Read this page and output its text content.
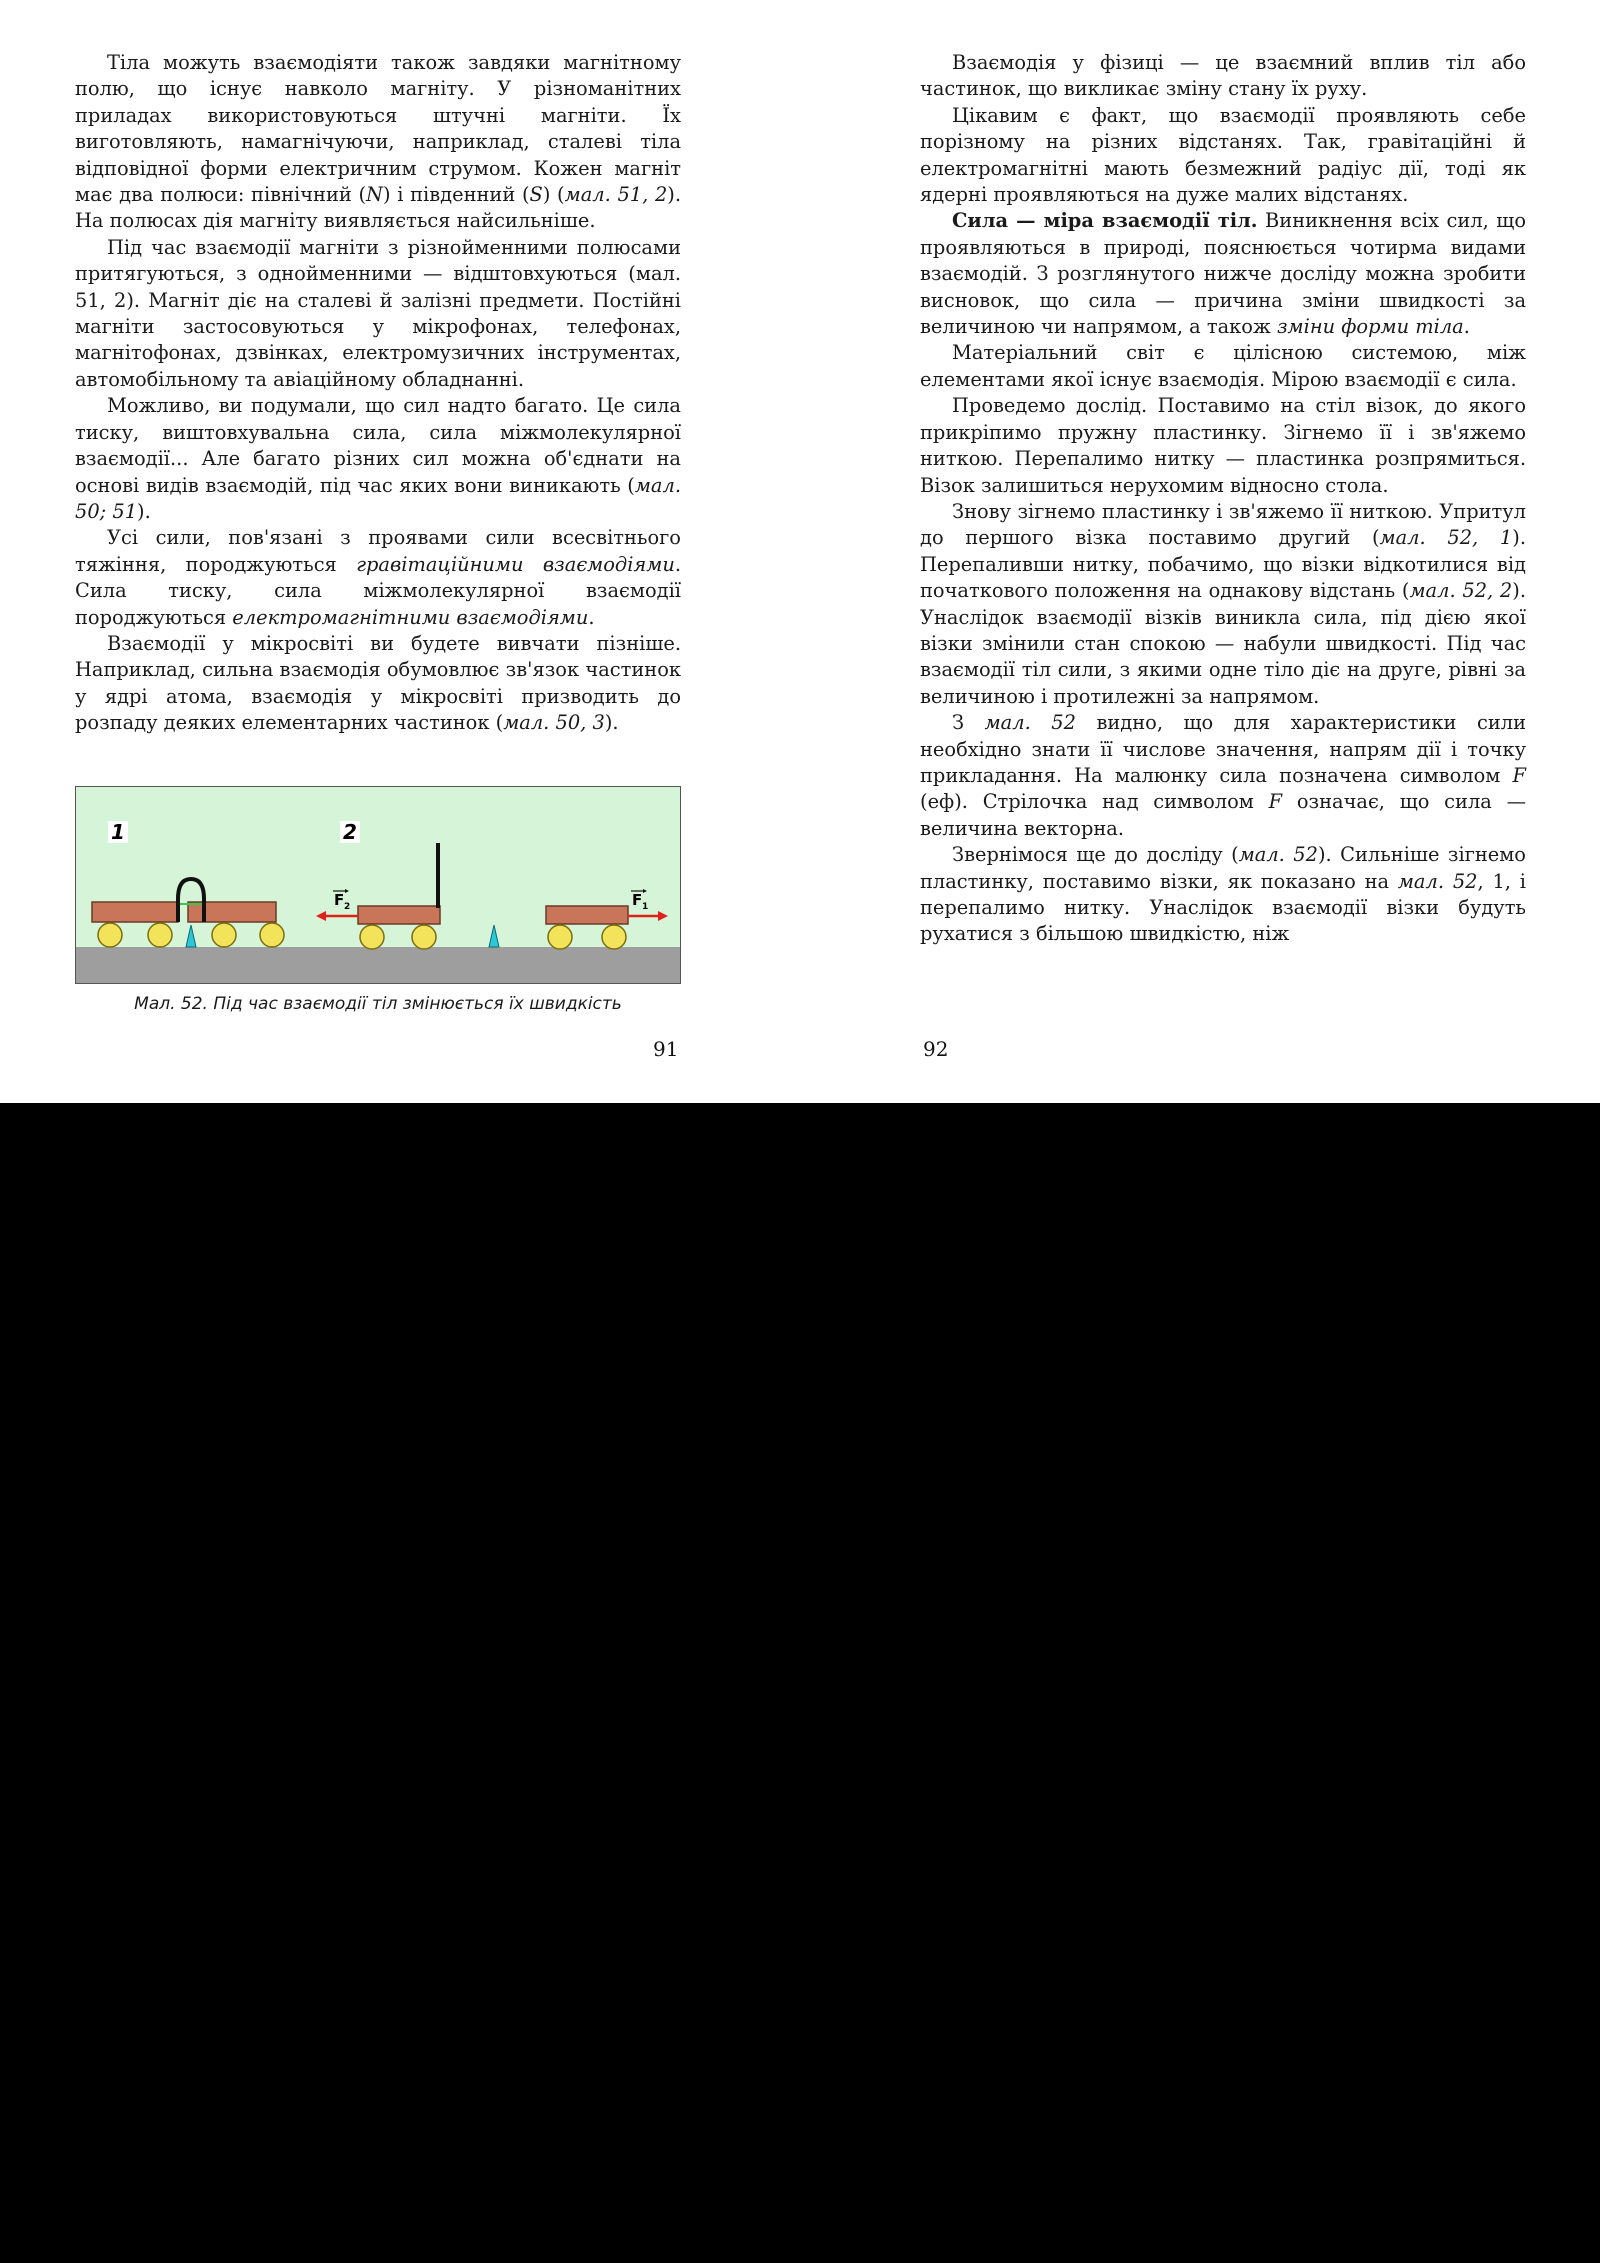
Тіла можуть взаємодіяти також завдяки магнітному полю, що існує навколо магніту. У різноманітних приладах використовуються штучні магніти. Їх виготовляють, намагнічуючи, наприклад, сталеві тіла відповідної форми електричним струмом. Кожен магніт має два полюси: північний (N) і південний (S) (мал. 51, 2). На полюсах дія магніту виявляється найсильніше.

Під час взаємодії магніти з різнойменними полюсами притягуються, з однойменними — відштовхуються (мал. 51, 2). Магніт діє на сталеві й залізні предмети. Постійні магніти застосовуються у мікрофонах, телефонах, магнітофонах, дзвінках, електромузичних інструментах, автомобільному та авіаційному обладнанні.

Можливо, ви подумали, що сил надто багато. Це сила тиску, виштовхувальна сила, сила міжмолекулярної взаємодії... Але багато різних сил можна об'єднати на основі видів взаємодій, під час яких вони виникають (мал. 50; 51).

Усі сили, пов'язані з проявами сили всесвітнього тяжіння, породжуються гравітаційними взаємодіями. Сила тиску, сила міжмолекулярної взаємодії породжуються електромагнітними взаємодіями.

Взаємодії у мікросвіті ви будете вивчати пізніше. Наприклад, сильна взаємодія обумовлює зв'язок частинок у ядрі атома, взаємодія у мікросвіті призводить до розпаду деяких елементарних частинок (мал. 50, 3).

1	2
F 2	F 1
Мал. 52. Під час взаємодії тіл змінюється їх швидкість
91

Взаємодія у фізиці — це взаємний вплив тіл або частинок, що викликає зміну стану їх руху.

Цікавим є факт, що взаємодії проявляють себе порізному на різних відстанях. Так, гравітаційні й електромагнітні мають безмежний радіус дії, тоді як ядерні проявляються на дуже малих відстанях.

Сила — міра взаємодії тіл. Виникнення всіх сил, що проявляються в природі, пояснюється чотирма видами взаємодій. З розглянутого нижче досліду можна зробити висновок, що сила — причина зміни швидкості за величиною чи напрямом, а також зміни форми тіла.

Матеріальний світ є цілісною системою, між елементами якої існує взаємодія. Мірою взаємодії є сила.

Проведемо дослід. Поставимо на стіл візок, до якого прикріпимо пружну пластинку. Зігнемо її і зв'яжемо ниткою. Перепалимо нитку — пластинка розпрямиться. Візок залишиться нерухомим відносно стола.

Знову зігнемо пластинку і зв'яжемо її ниткою. Упритул до першого візка поставимо другий (мал. 52, 1). Перепаливши нитку, побачимо, що візки відкотилися від початкового положення на однакову відстань (мал. 52, 2). Унаслідок взаємодії візків виникла сила, під дією якої візки змінили стан спокою — набули швидкості. Під час взаємодії тіл сили, з якими одне тіло діє на друге, рівні за величиною і протилежні за напрямом.

З мал. 52 видно, що для характеристики сили необхідно знати її числове значення, напрям дії і точку прикладання. На малюнку сила позначена символом F (еф). Стрілочка над символом F означає, що сила — величина векторна.

Звернімося ще до досліду (мал. 52). Сильніше зігнемо пластинку, поставимо візки, як показано на мал. 52, 1, і перепалимо нитку. Унаслідок взаємодії візки будуть рухатися з більшою швидкістю, ніж

92
